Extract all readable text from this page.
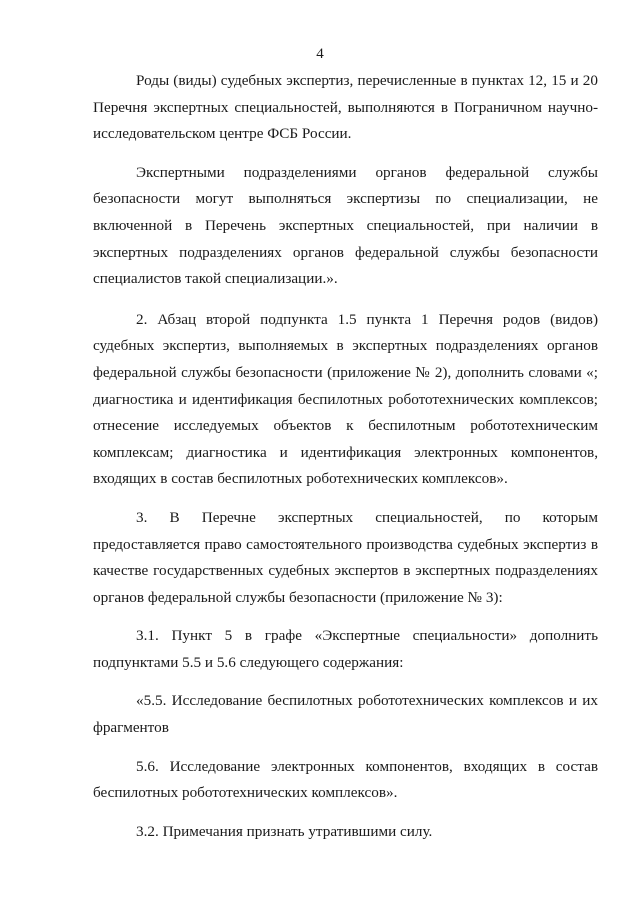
4

Роды (виды) судебных экспертиз, перечисленные в пунктах 12, 15 и 20 Перечня экспертных специальностей, выполняются в Пограничном научно-исследовательском центре ФСБ России.

Экспертными подразделениями органов федеральной службы безопасности могут выполняться экспертизы по специализации, не включенной в Перечень экспертных специальностей, при наличии в экспертных подразделениях органов федеральной службы безопасности специалистов такой специализации.».

2. Абзац второй подпункта 1.5 пункта 1 Перечня родов (видов) судебных экспертиз, выполняемых в экспертных подразделениях органов федеральной службы безопасности (приложение № 2), дополнить словами «; диагностика и идентификация беспилотных робототехнических комплексов; отнесение исследуемых объектов к беспилотным робототехническим комплексам; диагностика и идентификация электронных компонентов, входящих в состав беспилотных роботехнических комплексов».

3. В Перечне экспертных специальностей, по которым предоставляется право самостоятельного производства судебных экспертиз в качестве государственных судебных экспертов в экспертных подразделениях органов федеральной службы безопасности (приложение № 3):

3.1. Пункт 5 в графе «Экспертные специальности» дополнить подпунктами 5.5 и 5.6 следующего содержания:

«5.5. Исследование беспилотных робототехнических комплексов и их фрагментов

5.6. Исследование электронных компонентов, входящих в состав беспилотных робототехнических комплексов».

3.2. Примечания признать утратившими силу.
